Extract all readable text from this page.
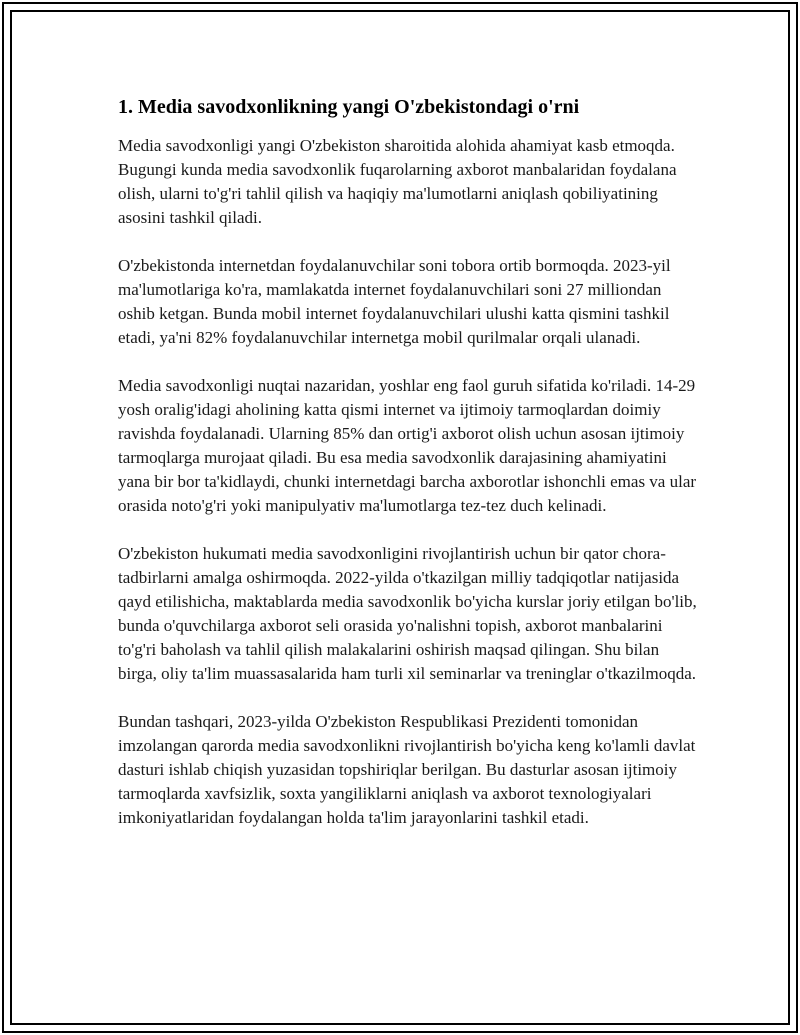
1. Media savodxonlikning yangi O'zbekistondagi o'rni

Media savodxonligi yangi O'zbekiston sharoitida alohida ahamiyat kasb etmoqda. Bugungi kunda media savodxonlik fuqarolarning axborot manbalaridan foydalana olish, ularni to'g'ri tahlil qilish va haqiqiy ma'lumotlarni aniqlash qobiliyatining asosini tashkil qiladi.

O'zbekistonda internetdan foydalanuvchilar soni tobora ortib bormoqda. 2023-yil ma'lumotlariga ko'ra, mamlakatda internet foydalanuvchilari soni 27 milliondan oshib ketgan. Bunda mobil internet foydalanuvchilari ulushi katta qismini tashkil etadi, ya'ni 82% foydalanuvchilar internetga mobil qurilmalar orqali ulanadi.

Media savodxonligi nuqtai nazaridan, yoshlar eng faol guruh sifatida ko'riladi. 14-29 yosh oralig'idagi aholining katta qismi internet va ijtimoiy tarmoqlardan doimiy ravishda foydalanadi. Ularning 85% dan ortig'i axborot olish uchun asosan ijtimoiy tarmoqlarga murojaat qiladi. Bu esa media savodxonlik darajasining ahamiyatini yana bir bor ta'kidlaydi, chunki internetdagi barcha axborotlar ishonchli emas va ular orasida noto'g'ri yoki manipulyativ ma'lumotlarga tez-tez duch kelinadi.

O'zbekiston hukumati media savodxonligini rivojlantirish uchun bir qator chora-tadbirlarni amalga oshirmoqda. 2022-yilda o'tkazilgan milliy tadqiqotlar natijasida qayd etilishicha, maktablarda media savodxonlik bo'yicha kurslar joriy etilgan bo'lib, bunda o'quvchilarga axborot seli orasida yo'nalishni topish, axborot manbalarini to'g'ri baholash va tahlil qilish malakalarini oshirish maqsad qilingan. Shu bilan birga, oliy ta'lim muassasalarida ham turli xil seminarlar va treninglar o'tkazilmoqda.

Bundan tashqari, 2023-yilda O'zbekiston Respublikasi Prezidenti tomonidan imzolangan qarorda media savodxonlikni rivojlantirish bo'yicha keng ko'lamli davlat dasturi ishlab chiqish yuzasidan topshiriqlar berilgan. Bu dasturlar asosan ijtimoiy tarmoqlarda xavfsizlik, soxta yangiliklarni aniqlash va axborot texnologiyalari imkoniyatlaridan foydalangan holda ta'lim jarayonlarini tashkil etadi.
